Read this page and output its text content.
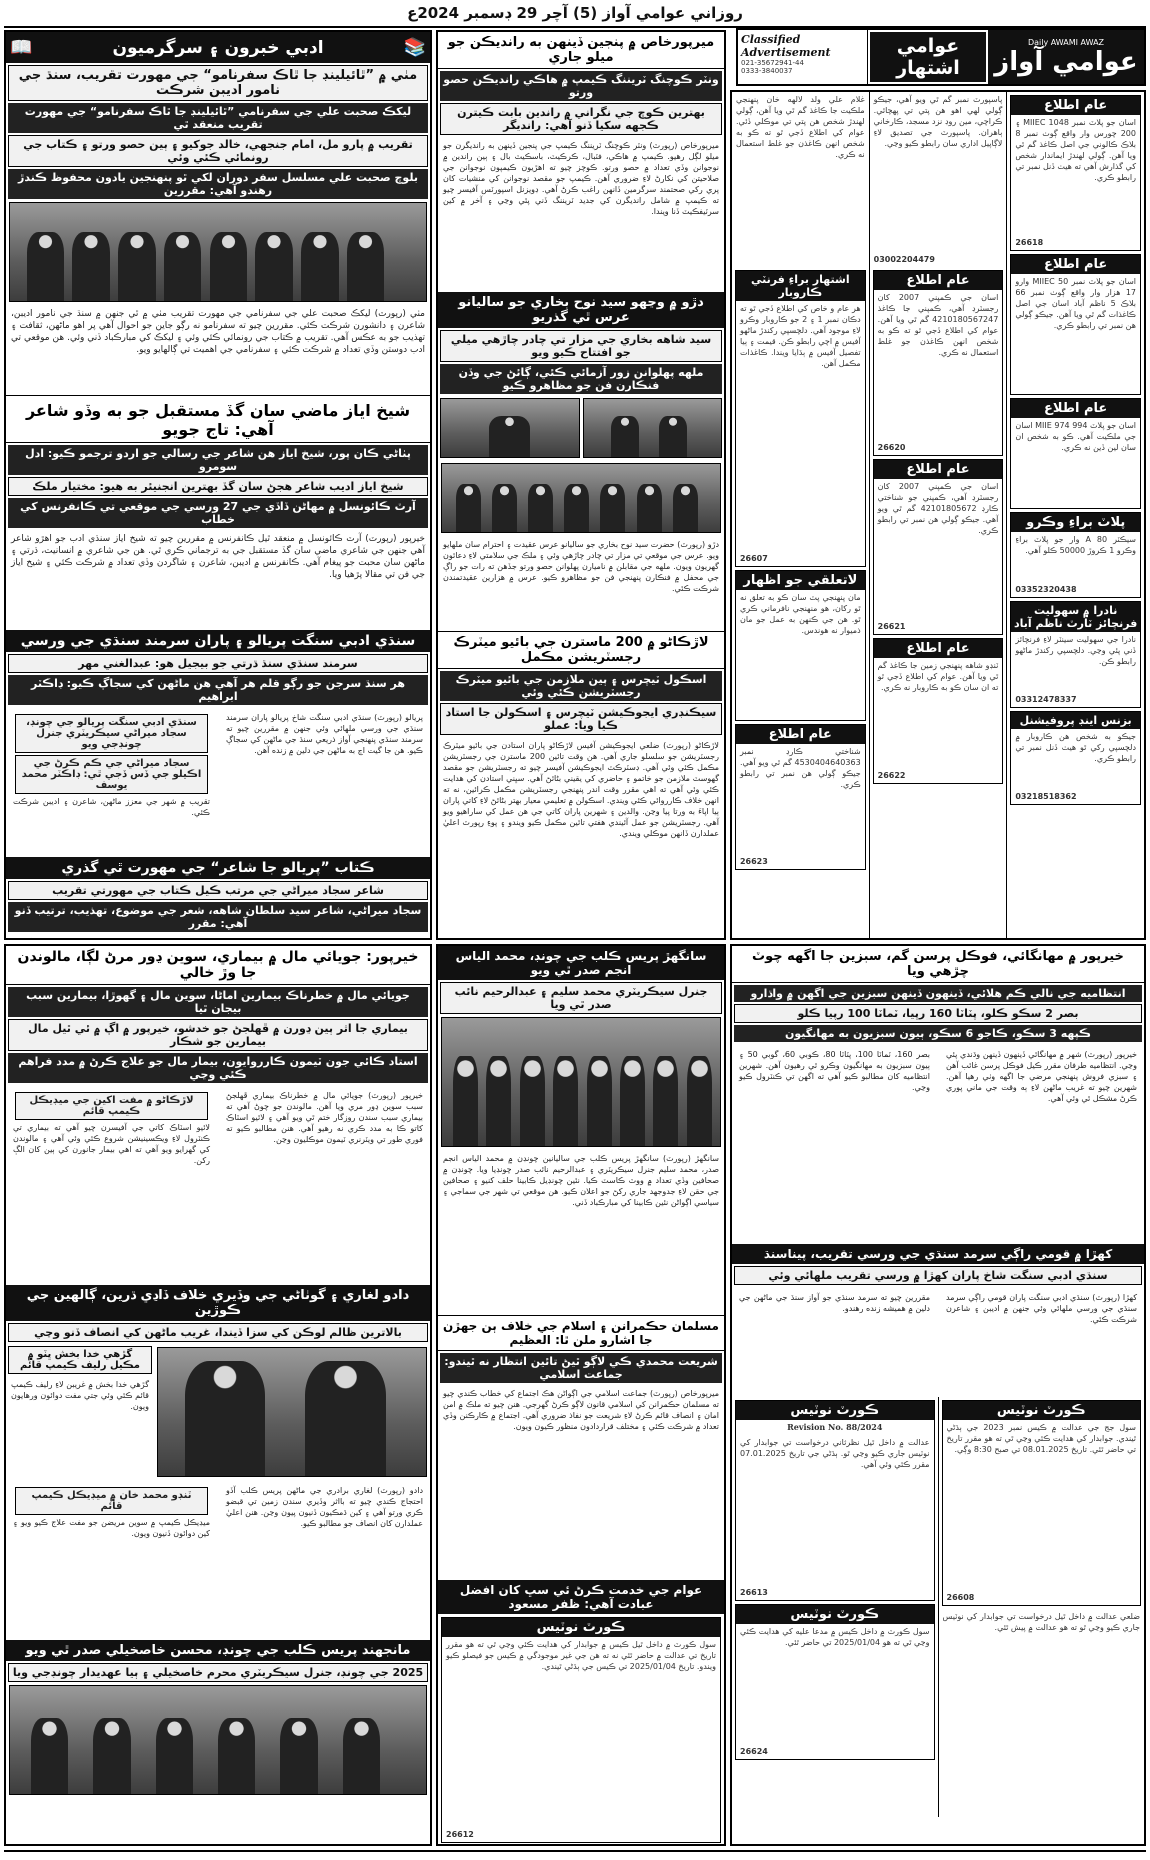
روزاني عوامي آواز (5) آچر 29 ڊسمبر 2024ع
Classified Advertisement
021-35672941-44
0333-3840037
عوامي اشتهار
Daily AWAMI AWAZ
عوامي آواز
📚
ادبي خبرون ۽ سرگرميون
📖
مٺي ۾ ”ٿائيلينڊ جا ٿاڪ سفرنامو“ جي مهورت تقريب، سنڌ جي نامور اديبن شرڪت
ليکڪ صحبت علي جي سفرنامي ”ٿائيلينڊ جا ٿاڪ سفرنامو“ جي مهورت تقريب منعقد ٿي
تقريب ۾ پارو مل، امام جنجهي، خالد جوکيو ۽ ٻين حصو ورتو ۽ ڪتاب جي رونمائي ڪئي وئي
بلوچ صحبت علي مسلسل سفر دوران لکي ٿو پنهنجين يادون محفوظ ڪندڙ رهندو آهي: مقررين
مٺي (رپورٽ) ليکڪ صحبت علي جي سفرنامي جي مهورت تقريب مٺي ۾ ٿي جنهن ۾ سنڌ جي نامور اديبن، شاعرن ۽ دانشورن شرڪت ڪئي. مقررين چيو ته سفرنامو نه رڳو جاين جو احوال آهي پر اهو ماڻهن، ثقافت ۽ تهذيب جو به عڪس آهي. تقريب ۾ ڪتاب جي رونمائي ڪئي وئي ۽ ليکڪ کي مبارڪباد ڏني وئي. هن موقعي تي ادب دوستن وڏي تعداد ۾ شرڪت ڪئي ۽ سفرنامي جي اهميت تي ڳالهايو ويو.
شيخ اياز ماضي سان گڏ مستقبل جو به وڏو شاعر آهي: تاج جويو
پٺاڻي ڪان پور، شيخ اياز هن شاعر جي رسالي جو اردو ترجمو ڪيو: ادل سومرو
شيخ اياز اديب شاعر هجڻ سان گڏ بهترين انجنيئر به هيو: مختيار ملڪ
آرٽ ڪائونسل ۾ مهاڻن ڏاڏي جي 27 ورسي جي موقعي تي ڪانفرنس کي خطاب
خيرپور (رپورٽ) آرٽ ڪائونسل ۾ منعقد ٿيل ڪانفرنس ۾ مقررين چيو ته شيخ اياز سنڌي ادب جو اهڙو شاعر آهي جنهن جي شاعري ماضي سان گڏ مستقبل جي به ترجماني ڪري ٿي. هن جي شاعري ۾ انسانيت، ڌرتي ۽ ماڻهن سان محبت جو پيغام آهي. ڪانفرنس ۾ اديبن، شاعرن ۽ شاگردن وڏي تعداد ۾ شرڪت ڪئي ۽ شيخ اياز جي فن تي مقالا پڙهيا ويا.
سنڌي ادبي سنگت پريالو ۽ پاران سرمند سنڌي جي ورسي
سرمند سنڌي سنڌ ڌرتي جو بيجيل هو: عبدالغني مهر
هر سنڌ سرجن جو رڳو قلم هر آهي هن ماڻهن کي سجاڳ ڪيو: ڊاڪٽر ابراهيم
پريالو (رپورٽ) سنڌي ادبي سنگت شاخ پريالو پاران سرمند سنڌي جي ورسي ملهائي وئي جنهن ۾ مقررين چيو ته سرمند سنڌي پنهنجي آواز ذريعي سنڌ جي ماڻهن کي سجاڳ ڪيو. هن جا گيت اڄ به ماڻهن جي دلين ۾ زنده آهن.
سنڌي ادبي سنگت پريالو جي چونڊ، سجاد ميراڻي سيڪريٽري جنرل چونڊجي ويو
سجاد ميراڻي جي ڪم ڪرڻ جي اڪيلو جي ڏس ڏجي ٿي: ڊاڪٽر محمد يوسف
تقريب ۾ شهر جي معزز ماڻهن، شاعرن ۽ اديبن شرڪت ڪئي.
ڪتاب ”پريالو جا شاعر“ جي مهورت ٿي گذري
شاعر سجاد ميراڻي جي مرتب ڪيل ڪتاب جي مهورتي تقريب
سجاد ميراڻي، شاعر سيد سلطان شاهه، شعر جي موضوع، تهذيب، ترتيب ڏنو آهي: مقرر
ميرپورخاص ۾ پنجين ڏينهن به رانديڪن جو ميلو جاري
ونٽر ڪوچنگ ٽريننگ ڪيمپ ۾ هاڪي رانديڪن حصو ورتو
بهترين ڪوچ جي نگراني ۾ راندين بابت ڪيترن ڪجهه سکيا ڏنو آهي: رانديگر
ميرپورخاص (رپورٽ) ونٽر ڪوچنگ ٽريننگ ڪيمپ جي پنجين ڏينهن به رانديگرن جو ميلو لڳل رهيو. ڪيمپ ۾ هاڪي، فٽبال، ڪرڪيٽ، باسڪيٽ بال ۽ ٻين راندين ۾ نوجوانن وڏي تعداد ۾ حصو ورتو. ڪوچز چيو ته اهڙيون ڪيمپون نوجوانن جي صلاحيتن کي نکارڻ لاءِ ضروري آهن. ڪيمپ جو مقصد نوجوانن کي منشيات کان پري رکي صحتمند سرگرمين ڏانهن راغب ڪرڻ آهي. ڊويزنل اسپورٽس آفيسر چيو ته ڪيمپ ۾ شامل رانديگرن کي جديد ٽريننگ ڏني پئي وڃي ۽ آخر ۾ کين سرٽيفڪيٽ ڏنا ويندا.
دڙو ۾ وڃهو سيد نوح بخاري جو ساليانو عرس ٿي گذريو
سيد شاهه بخاري جي مزار تي چادر چاڙهي ميلي جو افتتاح ڪيو ويو
ملهه پهلوانن زور آزمائي ڪئي، ڳائڻ جي وڏن فنڪارن فن جو مظاهرو ڪيو
دڙو (رپورٽ) حضرت سيد نوح بخاري جو ساليانو عرس عقيدت ۽ احترام سان ملهايو ويو. عرس جي موقعي تي مزار تي چادر چاڙهي وئي ۽ ملڪ جي سلامتي لاءِ دعائون گهريون ويون. ملهه جي مقابلن ۾ ناميارن پهلوانن حصو ورتو جڏهن ته رات جو راڳ جي محفل ۾ فنڪارن پنهنجي فن جو مظاهرو ڪيو. عرس ۾ هزارين عقيدتمندن شرڪت ڪئي.
لاڙڪاڻو ۾ 200 ماسترن جي بائيو ميٽرڪ رجسٽريشن مڪمل
اسڪول ٽيچرس ۽ ٻين ملازمن جي بائيو ميٽرڪ رجسٽريشن ڪئي وئي
سيڪنڊري ايجوڪيشن ٽيچرس ۽ اسڪولن جا استاد ڪيا ويا: عملو
لاڙڪاڻو (رپورٽ) ضلعي ايجوڪيشن آفيس لاڙڪاڻو پاران استادن جي بائيو ميٽرڪ رجسٽريشن جو سلسلو جاري آهي. هن وقت تائين 200 ماسترن جي رجسٽريشن مڪمل ڪئي وئي آهي. ڊسٽرڪٽ ايجوڪيشن آفيسر چيو ته رجسٽريشن جو مقصد گهوسٽ ملازمن جو خاتمو ۽ حاضري کي يقيني بڻائڻ آهي. سڀني استادن کي هدايت ڪئي وئي آهي ته اهي مقرر وقت اندر پنهنجي رجسٽريشن مڪمل ڪرائين، نه ته انهن خلاف ڪارروائي ڪئي ويندي. اسڪولن ۾ تعليمي معيار بهتر بڻائڻ لاءِ کاتي پاران ٻيا اپاءَ به ورتا پيا وڃن. والدين ۽ شهرين پاران کاتي جي هن عمل کي ساراهيو ويو آهي. رجسٽريشن جو عمل آئيندي هفتي تائين مڪمل ڪيو ويندو ۽ پوءِ رپورٽ اعليٰ عملدارن ڏانهن موڪلي ويندي.
عام اطلاع
اسان جو پلاٽ نمبر MIIEC 1048 ۽ 200 چورس وار واقع ڳوٺ نمبر 8 بلاڪ ڪالوني جي اصل ڪاغذ گم ٿي ويا آهن. ڳولي لهندڙ ايماندار شخص کي گذارش آهي ته هيٺ ڏنل نمبر تي رابطو ڪري.
26618
عام اطلاع
اسان جو پلاٽ نمبر MIIEC 50 وارو 17 هزار وار واقع ڳوٺ نمبر 66 بلاڪ 5 ناظم آباد اسان جي اصل ڪاغذات گم ٿي ويا آهن. جيڪو ڳولي هن نمبر تي رابطو ڪري.
عام اطلاع
اسان جو پلاٽ MIIE 974 994 اسان جي ملڪيت آهي. ڪو به شخص ان سان لين ڏين نه ڪري.
پلاٽ براءِ وڪرو
سيڪٽر A 80 وار جو پلاٽ براءِ وڪرو 1 ڪروڙ 50000 ڪلو آهي.
03352320438
نادرا ۾ سهوليت فرنچائز ٽارٽ ناظم آباد
نادرا جي سهوليت سينٽر لاءِ فرنچائز ڏني پئي وڃي. دلچسپي رکندڙ ماڻهو رابطو ڪن.
03312478337
بزنس اينڊ پروفيشنل
جيڪو به شخص هن ڪاروبار ۾ دلچسپي رکي ٿو هيٺ ڏنل نمبر تي رابطو ڪري.
03218518362
پاسپورٽ نمبر گم ٿي ويو آهي، جيڪو ڳولي لهي اهو هن پتي تي پهچائي. ڪراچي، مين روڊ نزد مسجد، ڪارخاني ٻاهران. پاسپورٽ جي تصديق لاءِ لاڳاپيل اداري سان رابطو ڪيو وڃي.
03002204479
عام اطلاع
اسان جي ڪمپني 2007 کان رجسٽرڊ آهي، ڪمپني جا ڪاغذ 4210180567247 گم ٿي ويا آهن. عوام کي اطلاع ڏجي ٿو ته ڪو به شخص انهن ڪاغذن جو غلط استعمال نه ڪري.
26620
عام اطلاع
اسان جي ڪمپني 2007 کان رجسٽرڊ آهي، ڪمپني جو شناختي ڪارڊ 42101805672 گم ٿي ويو آهي. جيڪو ڳولي هن نمبر تي رابطو ڪري.
26621
عام اطلاع
ٽنڊو شاهه پنهنجي زمين جا ڪاغذ گم ٿي ويا آهن. عوام کي اطلاع ڏجي ٿو ته ان سان ڪو به ڪاروبار نه ڪري.
26622
غلام علي ولد لالهه خان پنهنجي ملڪيت جا ڪاغذ گم ٿي ويا آهن، ڳولي لهندڙ شخص هن پتي تي موڪلي ڏئي. عوام کي اطلاع ڏجي ٿو ته ڪو به شخص انهن ڪاغذن جو غلط استعمال نه ڪري.
اشتهار براءِ فرنٽي ڪاروبار
هر عام و خاص کي اطلاع ڏجي ٿو ته دڪان نمبر 1 ۽ 2 جو ڪاروبار وڪرو لاءِ موجود آهي. دلچسپي رکندڙ ماڻهو آفيس ۾ اچي رابطو ڪن. قيمت ۽ ٻيا تفصيل آفيس ۾ ٻڌايا ويندا. ڪاغذات مڪمل آهن.
26607
لاتعلقي جو اظهار
مان پنهنجي پٽ سان ڪو به تعلق نه ٿو رکان، هو منهنجي نافرماني ڪري ٿو. هن جي ڪنهن به عمل جو مان ذميوار نه هوندس.
عام اطلاع
شناختي ڪارڊ نمبر 4530404640363 گم ٿي ويو آهي. جيڪو ڳولي هن نمبر تي رابطو ڪري.
26623
خيرپور: جويائي مال ۾ بيماري، سوين ڍور مرڻ لڳا، مالوندن جا وڙ خالي
جويائي مال ۾ خطرناڪ بيمارين اماڻا، سوين مال ۽ گھوڙا، بيمارين سبب بيجان ٿيا
بيماري جا اثر ٻين ڍورن ۾ ڦهلجڻ جو خدشو، خيرپور ۾ اڳ ۾ ئي ٿيل مال بيمارين جو شڪار
استاد ڪائي جون ٽيمون ڪارروايون، بيمار مال جو علاج ڪرڻ ۾ مدد فراهم ڪئي وڃي
خيرپور (رپورٽ) جويائي مال ۾ خطرناڪ بيماري ڦهلجڻ سبب سوين ڍور مري ويا آهن. مالوندن جو چوڻ آهي ته بيماري سبب سندن روزگار ختم ٿي ويو آهي ۽ لائيو اسٽاڪ کاتو ڪا به مدد ڪري نه رهيو آهي. هنن مطالبو ڪيو ته فوري طور تي ويٽرنري ٽيمون موڪليون وڃن.
لاڙڪاڻو ۾ مفت اکين جي ميڊيڪل ڪيمپ قائم
لائيو اسٽاڪ کاتي جي آفيسرن چيو آهي ته بيماري تي ڪنٽرول لاءِ ويڪسينيشن شروع ڪئي وئي آهي ۽ مالوندن کي گهرايو ويو آهي ته اهي بيمار جانورن کي ٻين کان الڳ رکن.
دادو لغاري ۽ گوٺاڻي جي وڏيري خلاف ڏاڍي ڌرين، ڳالهين جي ڪوڙين
بالاترين ظالم لوڪن کي سزا ڏيندا، غريب ماڻهن کي انصاف ڏنو وڃي
گڙهي خدا بخش ڀٽو ۾ مڪيل رليف ڪيمپ قائم
گڙهي خدا بخش ۾ غريبن لاءِ رليف ڪيمپ قائم ڪئي وئي جتي مفت دوائون ورهايون ويون.
دادو (رپورٽ) لغاري برادري جي ماڻهن پريس ڪلب آڏو احتجاج ڪندي چيو ته بااثر وڏيري سندن زمين تي قبضو ڪري ورتو آهي ۽ کين ڌمڪيون ڏنيون پيون وڃن. هنن اعليٰ عملدارن کان انصاف جو مطالبو ڪيو.
ٽنڊو محمد خان ۾ ميڊيڪل ڪيمپ قائم
ميڊيڪل ڪيمپ ۾ سوين مريضن جو مفت علاج ڪيو ويو ۽ کين دوائون ڏنيون ويون.
مانجهند پريس ڪلب جي چونڊ، محسن خاصخيلي صدر ٿي ويو
2025 جي چونڊ، جنرل سيڪريٽري محرم خاصخيلي ۽ ٻيا عهديدار چونڊجي ويا
سانگهڙ پريس ڪلب جي چونڊ، محمد الياس انجم صدر ٿي ويو
جنرل سيڪريٽري محمد سليم ۽ عبدالرحيم نائب صدر ٿي ويا
سانگهڙ (رپورٽ) سانگهڙ پريس ڪلب جي ساليانين چونڊن ۾ محمد الياس انجم صدر، محمد سليم جنرل سيڪريٽري ۽ عبدالرحيم نائب صدر چونڊيا ويا. چونڊن ۾ صحافين وڏي تعداد ۾ ووٽ ڪاسٽ ڪيا. نئين چونڊيل ڪابينا حلف کنيو ۽ صحافين جي حقن لاءِ جدوجهد جاري رکڻ جو اعلان ڪيو. هن موقعي تي شهر جي سماجي ۽ سياسي اڳواڻن نئين ڪابينا کي مبارڪباد ڏني.
مسلمان حڪمرانن ۽ اسلام جي خلاف ٻن جهڙن جا اشارو ملن ٿا: العظيم
شريعت محمدي ڪي لاڳو ٿيڻ تائين انتظار نه ٿيندو: جماعت اسلامي
ميرپورخاص (رپورٽ) جماعت اسلامي جي اڳواڻن هڪ اجتماع کي خطاب ڪندي چيو ته مسلمان حڪمرانن کي اسلامي قانون لاڳو ڪرڻ گهرجي. هنن چيو ته ملڪ ۾ امن امان ۽ انصاف قائم ڪرڻ لاءِ شريعت جو نفاذ ضروري آهي. اجتماع ۾ ڪارڪنن وڏي تعداد ۾ شرڪت ڪئي ۽ مختلف قراردادون منظور ڪيون ويون.
عوام جي خدمت ڪرڻ ئي سڀ کان افضل عبادت آهي: ظفر مسعود
ڪورٽ نوٽيس
سول ڪورٽ ۾ داخل ٿيل ڪيس ۾ جوابدار کي هدايت ڪئي وڃي ٿي ته هو مقرر تاريخ تي عدالت ۾ حاضر ٿئي نه ته هن جي غير موجودگي ۾ ڪيس جو فيصلو ڪيو ويندو. تاريخ 2025/01/04 تي ڪيس جي ٻڌڻي ٿيندي.
26612
خيرپور ۾ مهانگائي، فوڪل پرسن گم، سبزين جا اگهه چوٽ چڙهي ويا
انتظاميه جي نالي ڪم هلائي، ڏينهون ڏينهن سبزين جي اگهن ۾ واڌارو
بصر 2 سڪو ڪلو، پٽاٽا 160 رپيا، ٽماٽا 100 رپيا ڪلو
ڪپهه 3 سڪو، ڪاجو 6 سڪو، ٻيون سبزيون به مهانگيون
خيرپور (رپورٽ) شهر ۾ مهانگائي ڏينهون ڏينهن وڌندي پئي وڃي. انتظاميه طرفان مقرر ڪيل فوڪل پرسن غائب آهن ۽ سبزي فروش پنهنجي مرضي جا اگهه وٺي رهيا آهن. شهرين چيو ته غريب ماڻهن لاءِ ٻه وقت جي ماني پوري ڪرڻ مشڪل ٿي وئي آهي.
بصر 160، ٽماٽا 100، پٽاٽا 80، ڪوبي 60، گوبي 50 ۽ ٻيون سبزيون به مهانگيون وڪرو ٿي رهيون آهن. شهرين انتظاميه کان مطالبو ڪيو آهي ته اگهن تي ڪنٽرول ڪيو وڃي.
کهڙا ۾ قومي راڳي سرمد سنڌي جي ورسي تقريب، پيناسنڌ
سنڌي ادبي سنگت شاخ پاران کهڙا ۾ ورسي تقريب ملهائي وئي
کهڙا (رپورٽ) سنڌي ادبي سنگت پاران قومي راڳي سرمد سنڌي جي ورسي ملهائي وئي جنهن ۾ اديبن ۽ شاعرن شرڪت ڪئي.
مقررين چيو ته سرمد سنڌي جو آواز سنڌ جي ماڻهن جي دلين ۾ هميشه زنده رهندو.
ڪورٽ نوٽيس
سول جج جي عدالت ۾ ڪيس نمبر 2023 جي ٻڌڻي ٿيندي. جوابدار کي هدايت ڪئي وڃي ٿي ته هو مقرر تاريخ تي حاضر ٿئي. تاريخ 08.01.2025 تي صبح 8:30 وڳي.
26608
ضلعي عدالت ۾ داخل ٿيل درخواست تي جوابدار کي نوٽيس جاري ڪيو وڃي ٿو ته هو عدالت ۾ پيش ٿئي.
ڪورٽ نوٽيس
Revision No. 88/2024
عدالت ۾ داخل ٿيل نظرثاني درخواست تي جوابدار کي نوٽيس جاري ڪيو وڃي ٿو. ٻڌڻي جي تاريخ 07.01.2025 مقرر ڪئي وئي آهي.
26613
ڪورٽ نوٽيس
سول ڪورٽ ۾ داخل ڪيس ۾ مدعا عليه کي هدايت ڪئي وڃي ٿي ته هو 2025/01/04 تي حاضر ٿئي.
26624
